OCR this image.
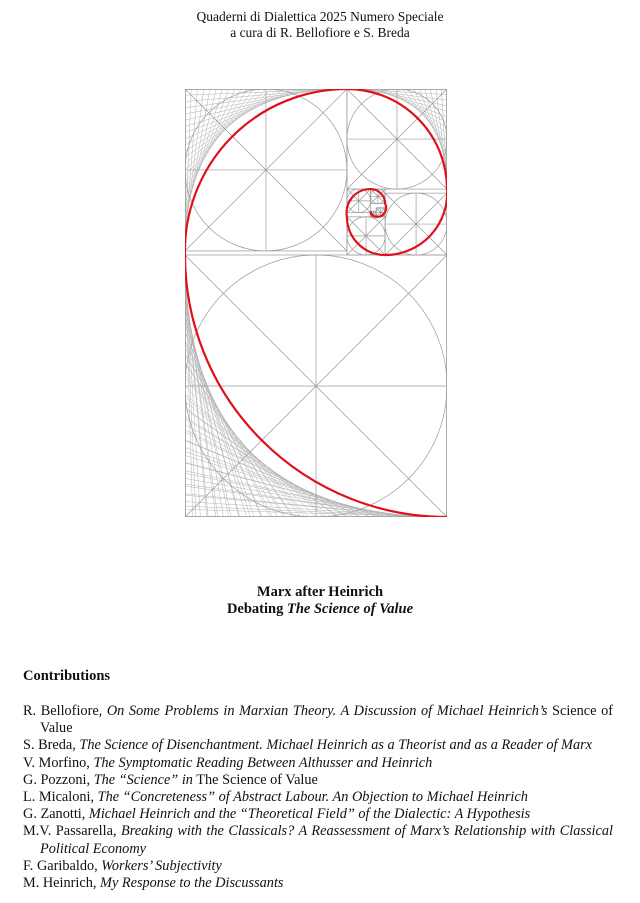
Quaderni di Dialettica 2025 Numero Speciale
a cura di R. Bellofiore e S. Breda
Marx after Heinrich
Debating The Science of Value
Contributions
R. Bellofiore, On Some Problems in Marxian Theory. A Discussion of Michael Heinrich’s Science of Value
S. Breda, The Science of Disenchantment. Michael Heinrich as a Theorist and as a Reader of Marx
V. Morfino, The Symptomatic Reading Between Althusser and Heinrich
G. Pozzoni, The “Science” in The Science of Value
L. Micaloni, The “Concreteness” of Abstract Labour. An Objection to Michael Heinrich
G. Zanotti, Michael Heinrich and the “Theoretical Field” of the Dialectic: A Hypothesis
M.V. Passarella, Breaking with the Classicals? A Reassessment of Marx’s Relationship with Classical Political Economy
F. Garibaldo, Workers’ Subjectivity
M. Heinrich, My Response to the Discussants
